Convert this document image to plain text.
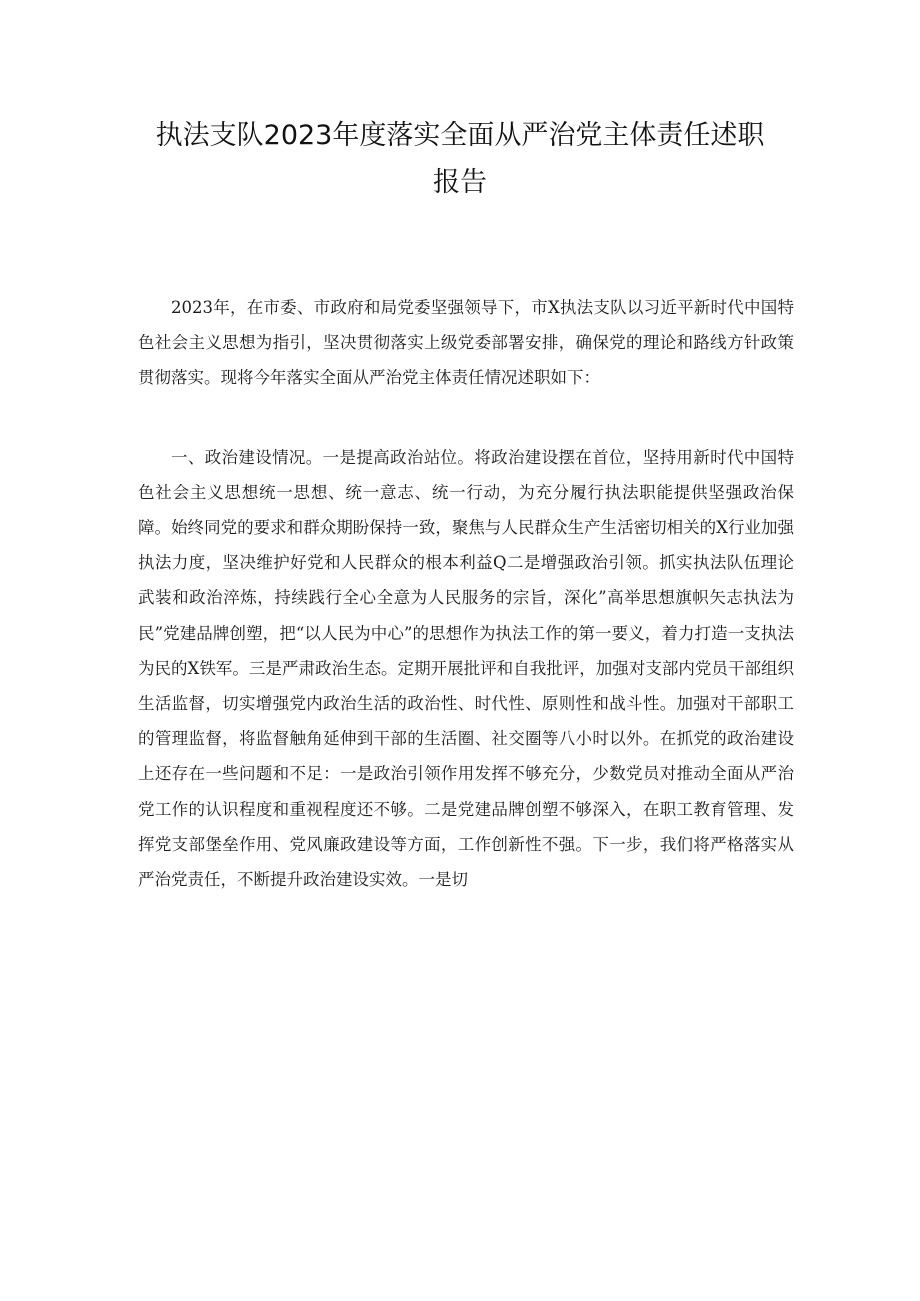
执法支队2023年度落实全面从严治党主体责任述职
报告

2023年，在市委、市政府和局党委坚强领导下，市X执法支队以习近平新时代中国特色社会主义思想为指引，坚决贯彻落实上级党委部署安排，确保党的理论和路线方针政策贯彻落实。现将今年落实全面从严治党主体责任情况述职如下：

一、政治建设情况。一是提高政治站位。将政治建设摆在首位，坚持用新时代中国特色社会主义思想统一思想、统一意志、统一行动，为充分履行执法职能提供坚强政治保障。始终同党的要求和群众期盼保持一致，聚焦与人民群众生产生活密切相关的X行业加强执法力度，坚决维护好党和人民群众的根本利益Q二是增强政治引领。抓实执法队伍理论武装和政治淬炼，持续践行全心全意为人民服务的宗旨，深化”高举思想旗帜矢志执法为民”党建品牌创塑，把“以人民为中心”的思想作为执法工作的第一要义，着力打造一支执法为民的X铁军。三是严肃政治生态。定期开展批评和自我批评，加强对支部内党员干部组织生活监督，切实增强党内政治生活的政治性、时代性、原则性和战斗性。加强对干部职工的管理监督，将监督触角延伸到干部的生活圈、社交圈等八小时以外。在抓党的政治建设上还存在一些问题和不足：一是政治引领作用发挥不够充分，少数党员对推动全面从严治党工作的认识程度和重视程度还不够。二是党建品牌创塑不够深入，在职工教育管理、发挥党支部堡垒作用、党风廉政建设等方面，工作创新性不强。下一步，我们将严格落实从严治党责任，不断提升政治建设实效。一是切
